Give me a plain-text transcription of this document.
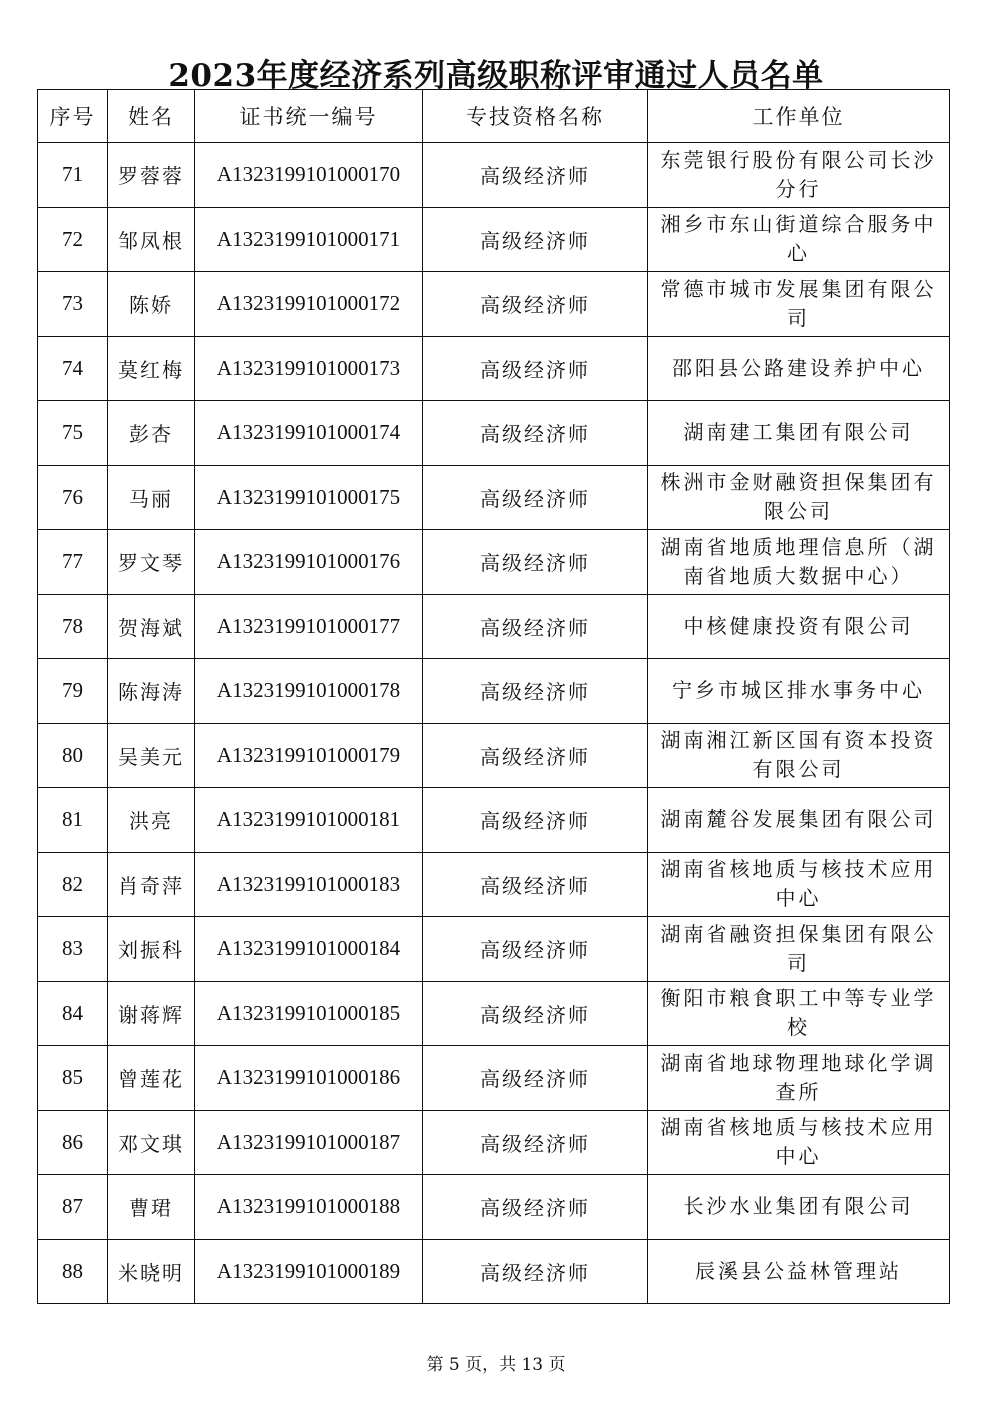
2023年度经济系列高级职称评审通过人员名单
序号	姓名	证书统一编号	专技资格名称	工作单位
71	罗蓉蓉	A1323199101000170	高级经济师	东莞银行股份有限公司长沙分行
72	邹凤根	A1323199101000171	高级经济师	湘乡市东山街道综合服务中心
73	陈娇	A1323199101000172	高级经济师	常德市城市发展集团有限公司
74	莫红梅	A1323199101000173	高级经济师	邵阳县公路建设养护中心
75	彭杏	A1323199101000174	高级经济师	湖南建工集团有限公司
76	马丽	A1323199101000175	高级经济师	株洲市金财融资担保集团有限公司
77	罗文琴	A1323199101000176	高级经济师	湖南省地质地理信息所（湖南省地质大数据中心）
78	贺海斌	A1323199101000177	高级经济师	中核健康投资有限公司
79	陈海涛	A1323199101000178	高级经济师	宁乡市城区排水事务中心
80	吴美元	A1323199101000179	高级经济师	湖南湘江新区国有资本投资有限公司
81	洪亮	A1323199101000181	高级经济师	湖南麓谷发展集团有限公司
82	肖奇萍	A1323199101000183	高级经济师	湖南省核地质与核技术应用中心
83	刘振科	A1323199101000184	高级经济师	湖南省融资担保集团有限公司
84	谢蒋辉	A1323199101000185	高级经济师	衡阳市粮食职工中等专业学校
85	曾莲花	A1323199101000186	高级经济师	湖南省地球物理地球化学调查所
86	邓文琪	A1323199101000187	高级经济师	湖南省核地质与核技术应用中心
87	曹珺	A1323199101000188	高级经济师	长沙水业集团有限公司
88	米晓明	A1323199101000189	高级经济师	辰溪县公益林管理站
第 5 页，共 13 页
